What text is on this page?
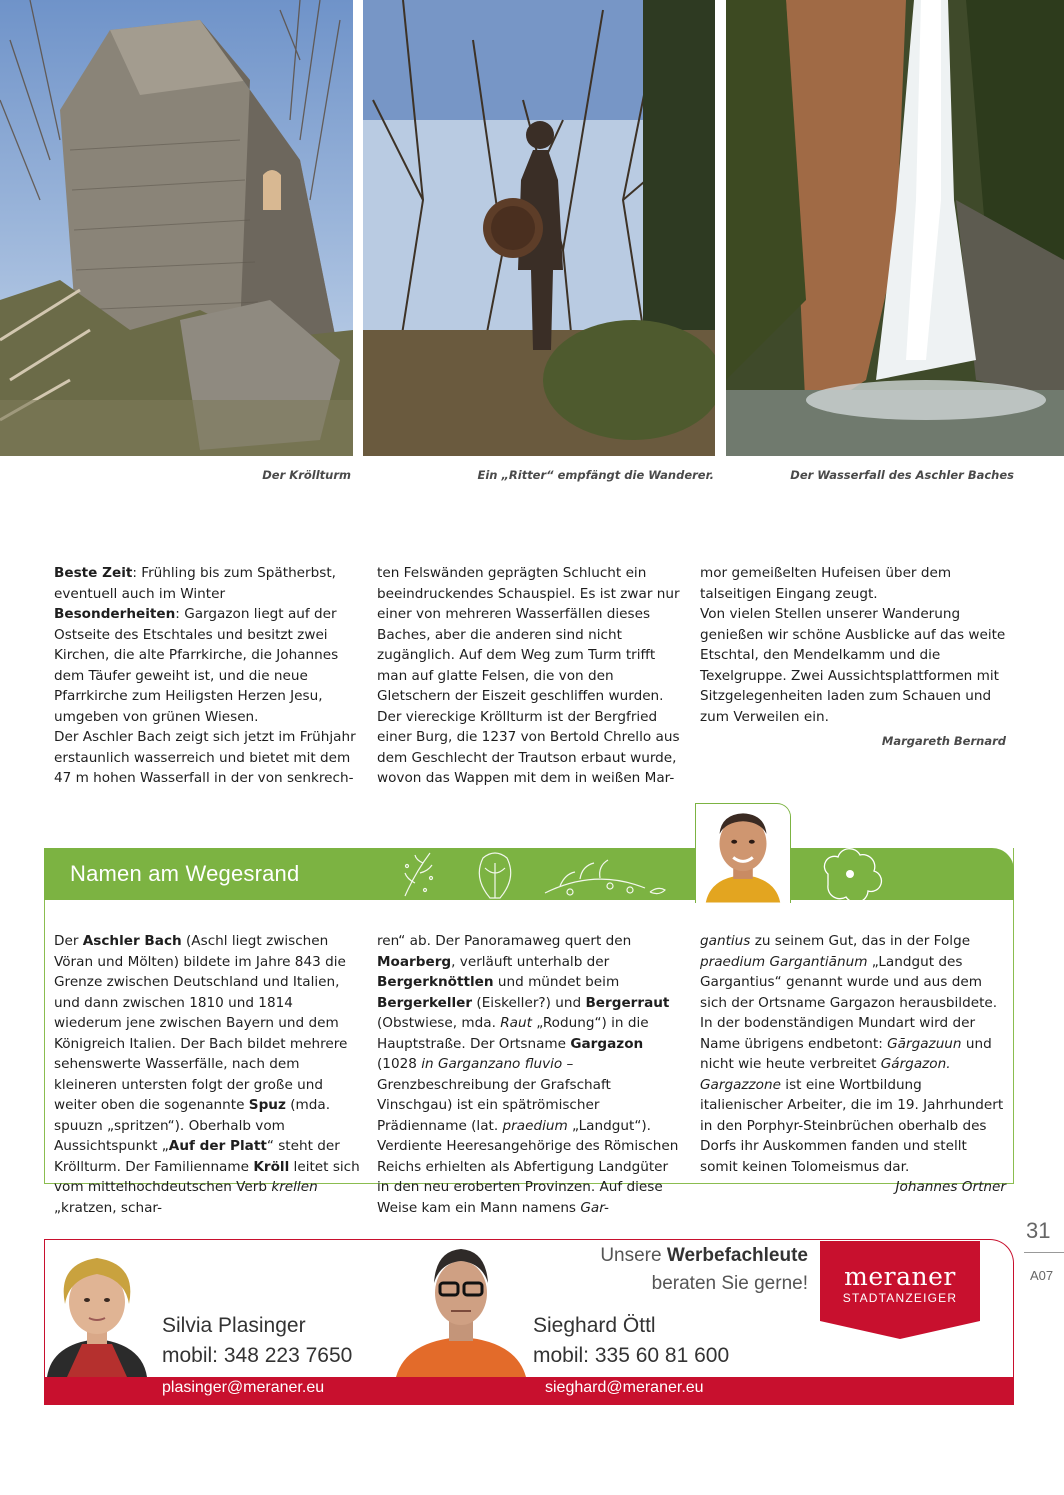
Der Kröllturm	Ein „Ritter“ empfängt die Wanderer.	Der Wasserfall des Aschler Baches

Beste Zeit: Frühling bis zum Spätherbst, eventuell auch im Winter

Besonderheiten: Gargazon liegt auf der Ostseite des Etschtales und besitzt zwei Kirchen, die alte Pfarrkirche, die Johannes dem Täufer geweiht ist, und die neue Pfarrkirche zum Heiligsten Herzen Jesu, umgeben von grünen Wiesen.

Der Aschler Bach zeigt sich jetzt im Frühjahr erstaunlich wasserreich und bietet mit dem 47 m hohen Wasserfall in der von senkrech-

ten Felswänden geprägten Schlucht ein beeindruckendes Schauspiel. Es ist zwar nur einer von mehreren Wasserfällen dieses Baches, aber die anderen sind nicht zugänglich. Auf dem Weg zum Turm trifft man auf glatte Felsen, die von den Gletschern der Eiszeit geschliffen wurden.

Der viereckige Kröllturm ist der Bergfried einer Burg, die 1237 von Bertold Chrello aus dem Geschlecht der Trautson erbaut wurde, wovon das Wappen mit dem in weißen Mar-

mor gemeißelten Hufeisen über dem talseitigen Eingang zeugt.

Von vielen Stellen unserer Wanderung genießen wir schöne Ausblicke auf das weite Etschtal, den Mendelkamm und die Texelgruppe. Zwei Aussichtsplattformen mit Sitzgelegenheiten laden zum Schauen und zum Verweilen ein.

Margareth Bernard
Namen am Wegesrand

Der Aschler Bach (Aschl liegt zwischen Vöran und Mölten) bildete im Jahre 843 die Grenze zwischen Deutschland und Italien, und dann zwischen 1810 und 1814 wiederum jene zwischen Bayern und dem Königreich Italien. Der Bach bildet mehrere sehenswerte Wasserfälle, nach dem kleineren untersten folgt der große und weiter oben die sogenannte Spuz (mda. spuuzn „spritzen“). Oberhalb vom Aussichtspunkt „Auf der Platt“ steht der Kröllturm. Der Familienname Kröll leitet sich vom mittelhochdeutschen Verb krellen „kratzen, schar-

ren“ ab. Der Panoramaweg quert den Moarberg, verläuft unterhalb der Bergerknöttlen und mündet beim Bergerkeller (Eiskeller?) und Bergerraut (Obstwiese, mda. Raut „Rodung“) in die Hauptstraße. Der Ortsname Gargazon (1028 in Garganzano fluvio – Grenzbeschreibung der Grafschaft Vinschgau) ist ein spätrömischer Prädienname (lat. praedium „Landgut“). Verdiente Heeresangehörige des Römischen Reichs erhielten als Abfertigung Landgüter in den neu eroberten Provinzen. Auf diese Weise kam ein Mann namens Gar-

gantius zu seinem Gut, das in der Folge praedium Gargantiānum „Landgut des Gargantius“ genannt wurde und aus dem sich der Ortsname Gargazon herausbildete. In der bodenständigen Mundart wird der Name übrigens endbetont: Gārgazuun und nicht wie heute verbreitet Gárgazon. Gargazzone ist eine Wortbildung italienischer Arbeiter, die im 19. Jahrhundert in den Porphyr-Steinbrüchen oberhalb des Dorfs ihr Auskommen fanden und stellt somit keinen Tolomeismus dar.

Johannes Ortner
31
A07
Silvia Plasinger
mobil: 348 223 7650
Sieghard Öttl
mobil: 335 60 81 600
plasinger@meraner.eu	sieghard@meraner.eu
Unsere Werbefachleute
beraten Sie gerne!	meraner
STADTANZEIGER
